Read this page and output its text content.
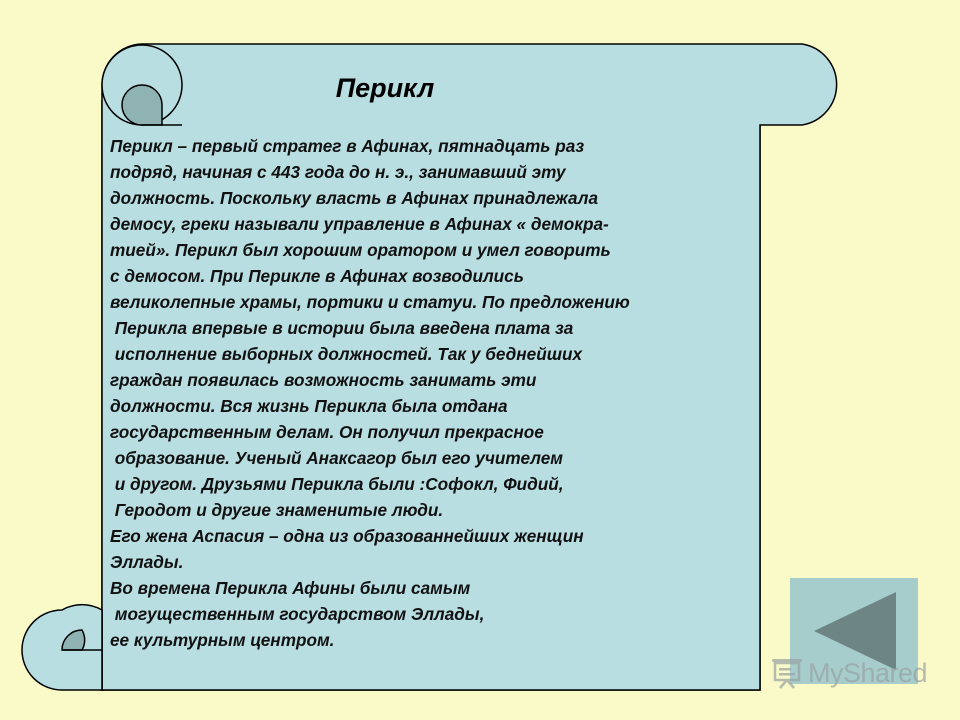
Перикл
Перикл – первый стратег в Афинах, пятнадцать раз
подряд, начиная с 443 года до н. э., занимавший эту
должность. Поскольку власть в Афинах принадлежала
демосу, греки называли управление в Афинах « демокра-
тией». Перикл был хорошим оратором и умел говорить
с демосом. При Перикле в Афинах возводились
великолепные храмы, портики и статуи. По предложению
Перикла впервые в истории была введена плата за
исполнение выборных должностей. Так у беднейших
граждан появилась возможность занимать эти
должности. Вся жизнь Перикла была отдана
государственным делам. Он получил прекрасное
образование. Ученый Анаксагор был его учителем
и другом. Друзьями Перикла были :Софокл, Фидий,
Геродот и другие знаменитые люди.
Его жена Аспасия – одна из образованнейших женщин
Эллады.
Во времена Перикла Афины были самым
могущественным государством Эллады,
ее культурным центром.
MyShared
